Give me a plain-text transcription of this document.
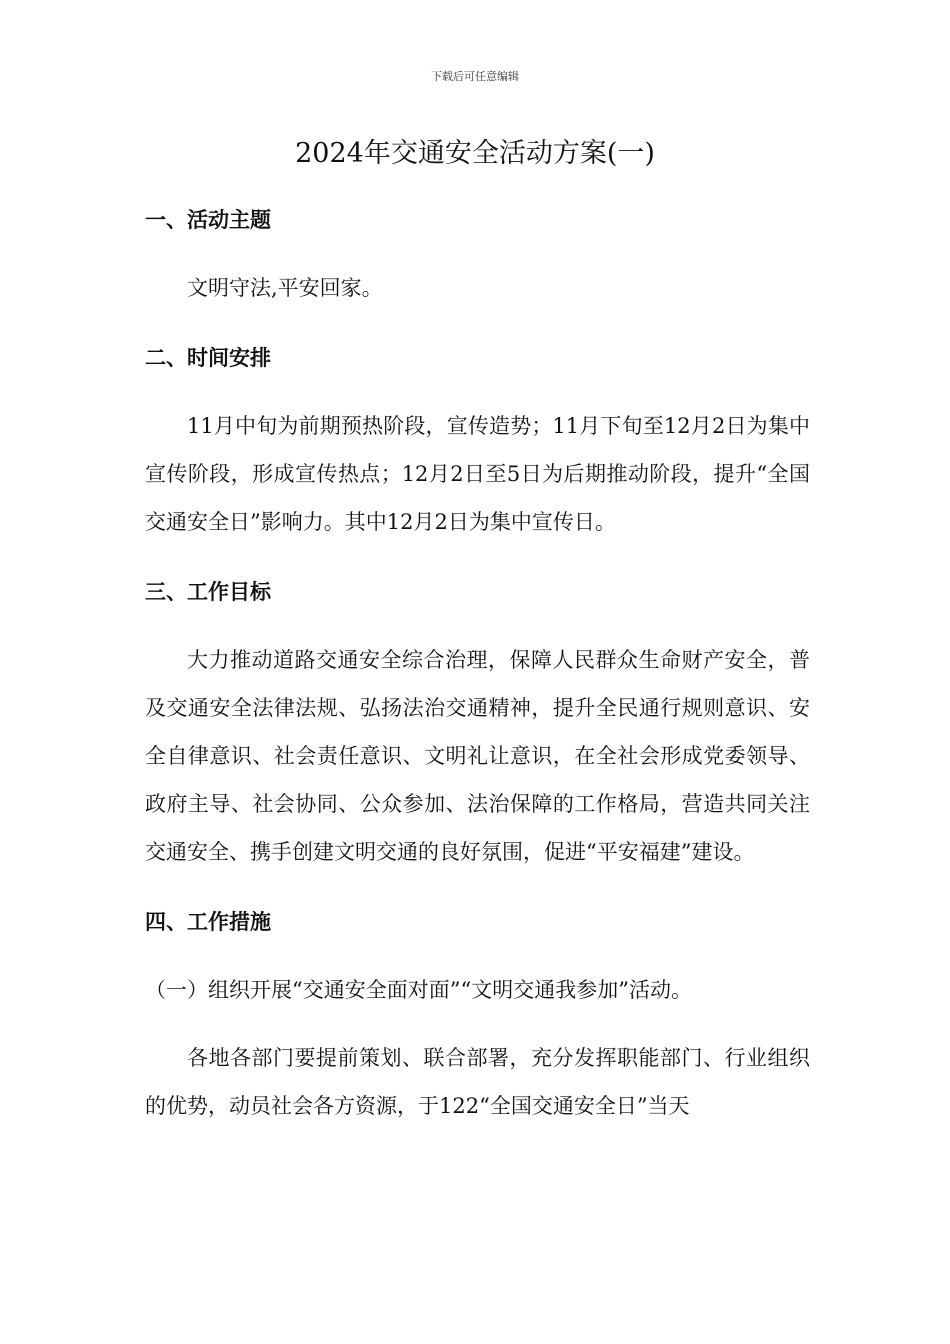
下载后可任意编辑
2024年交通安全活动方案(一)
一、活动主题

文明守法,平安回家。

二、时间安排

11月中旬为前期预热阶段，宣传造势；11月下旬至12月2日为集中宣传阶段，形成宣传热点；12月2日至5日为后期推动阶段，提升“全国交通安全日”影响力。其中12月2日为集中宣传日。

三、工作目标

大力推动道路交通安全综合治理，保障人民群众生命财产安全，普及交通安全法律法规、弘扬法治交通精神，提升全民通行规则意识、安全自律意识、社会责任意识、文明礼让意识，在全社会形成党委领导、政府主导、社会协同、公众参加、法治保障的工作格局，营造共同关注交通安全、携手创建文明交通的良好氛围，促进“平安福建”建设。

四、工作措施

（一）组织开展“交通安全面对面”“文明交通我参加”活动。

各地各部门要提前策划、联合部署，充分发挥职能部门、行业组织的优势，动员社会各方资源，于122“全国交通安全日”当天
